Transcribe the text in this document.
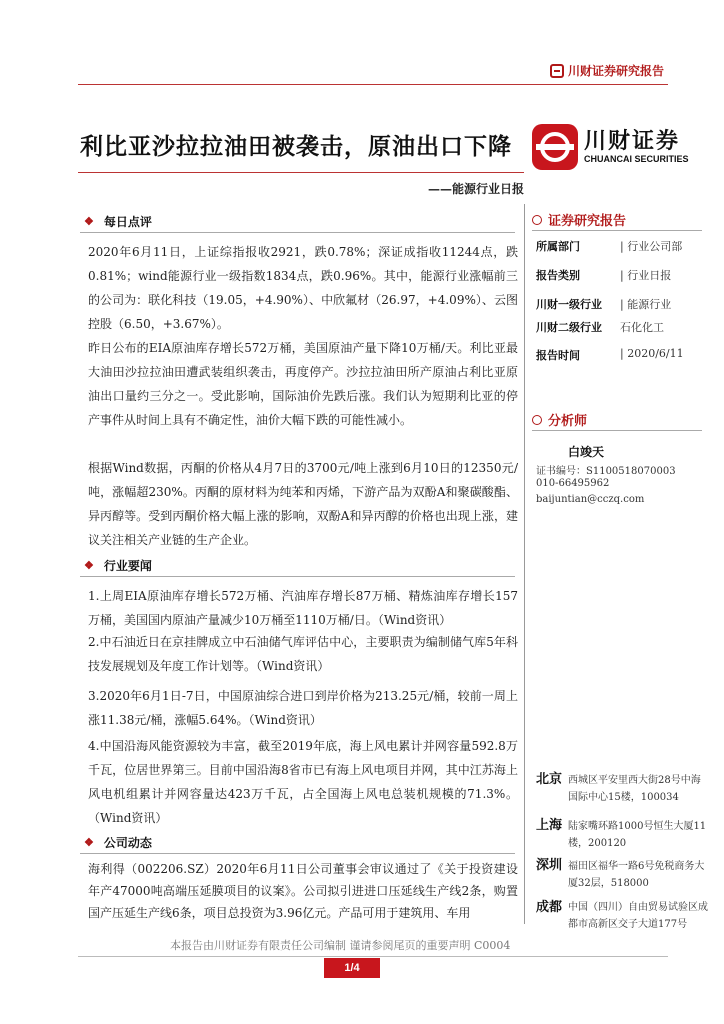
川财证券研究报告
利比亚沙拉拉油田被袭击，原油出口下降	川财证券
CHUANCAI SECURITIES
——能源行业日报
❖ 每日点评
2020年6月11日，上证综指报收2921，跌0.78%；深证成指收11244点，跌0.81%；wind能源行业一级指数1834点，跌0.96%。其中，能源行业涨幅前三的公司为：联化科技（19.05，+4.90%）、中欣氟材（26.97，+4.09%）、云图控股（6.50，+3.67%）。
昨日公布的EIA原油库存增长572万桶，美国原油产量下降10万桶/天。利比亚最大油田沙拉拉油田遭武装组织袭击，再度停产。沙拉拉油田所产原油占利比亚原油出口量约三分之一。受此影响，国际油价先跌后涨。我们认为短期利比亚的停产事件从时间上具有不确定性，油价大幅下跌的可能性减小。
根据Wind数据，丙酮的价格从4月7日的3700元/吨上涨到6月10日的12350元/吨，涨幅超230%。丙酮的原材料为纯苯和丙烯，下游产品为双酚A和聚碳酸酯、异丙醇等。受到丙酮价格大幅上涨的影响，双酚A和异丙醇的价格也出现上涨，建议关注相关产业链的生产企业。
❖ 行业要闻
1.上周EIA原油库存增长572万桶、汽油库存增长87万桶、精炼油库存增长157万桶，美国国内原油产量减少10万桶至1110万桶/日。（Wind资讯）
2.中石油近日在京挂牌成立中石油储气库评估中心，主要职责为编制储气库5年科技发展规划及年度工作计划等。（Wind资讯）
3.2020年6月1日-7日，中国原油综合进口到岸价格为213.25元/桶，较前一周上涨11.38元/桶，涨幅5.64%。（Wind资讯）
4.中国沿海风能资源较为丰富，截至2019年底，海上风电累计并网容量592.8万千瓦，位居世界第三。目前中国沿海8省市已有海上风电项目并网，其中江苏海上风电机组累计并网容量达423万千瓦，占全国海上风电总装机规模的71.3%。（Wind资讯）
❖ 公司动态
海利得（002206.SZ）2020年6月11日公司董事会审议通过了《关于投资建设年产47000吨高端压延膜项目的议案》。公司拟引进进口压延线生产线2条，购置国产压延生产线6条，项目总投资为3.96亿元。产品可用于建筑用、车用
证券研究报告
所属部门	| 行业公司部
报告类别	| 行业日报
川财一级行业	| 能源行业
川财二级行业	石化化工
报告时间	| 2020/6/11
分析师
白竣天
证书编号：S1100518070003
010-66495962
baijuntian@cczq.com
北京 西城区平安里西大街28号中海国际中心15楼，100034
上海 陆家嘴环路1000号恒生大厦11楼，200120
深圳 福田区福华一路6号免税商务大厦32层，518000
成都 中国（四川）自由贸易试验区成都市高新区交子大道177号
本报告由川财证券有限责任公司编制 谨请参阅尾页的重要声明 C0004
1/4
